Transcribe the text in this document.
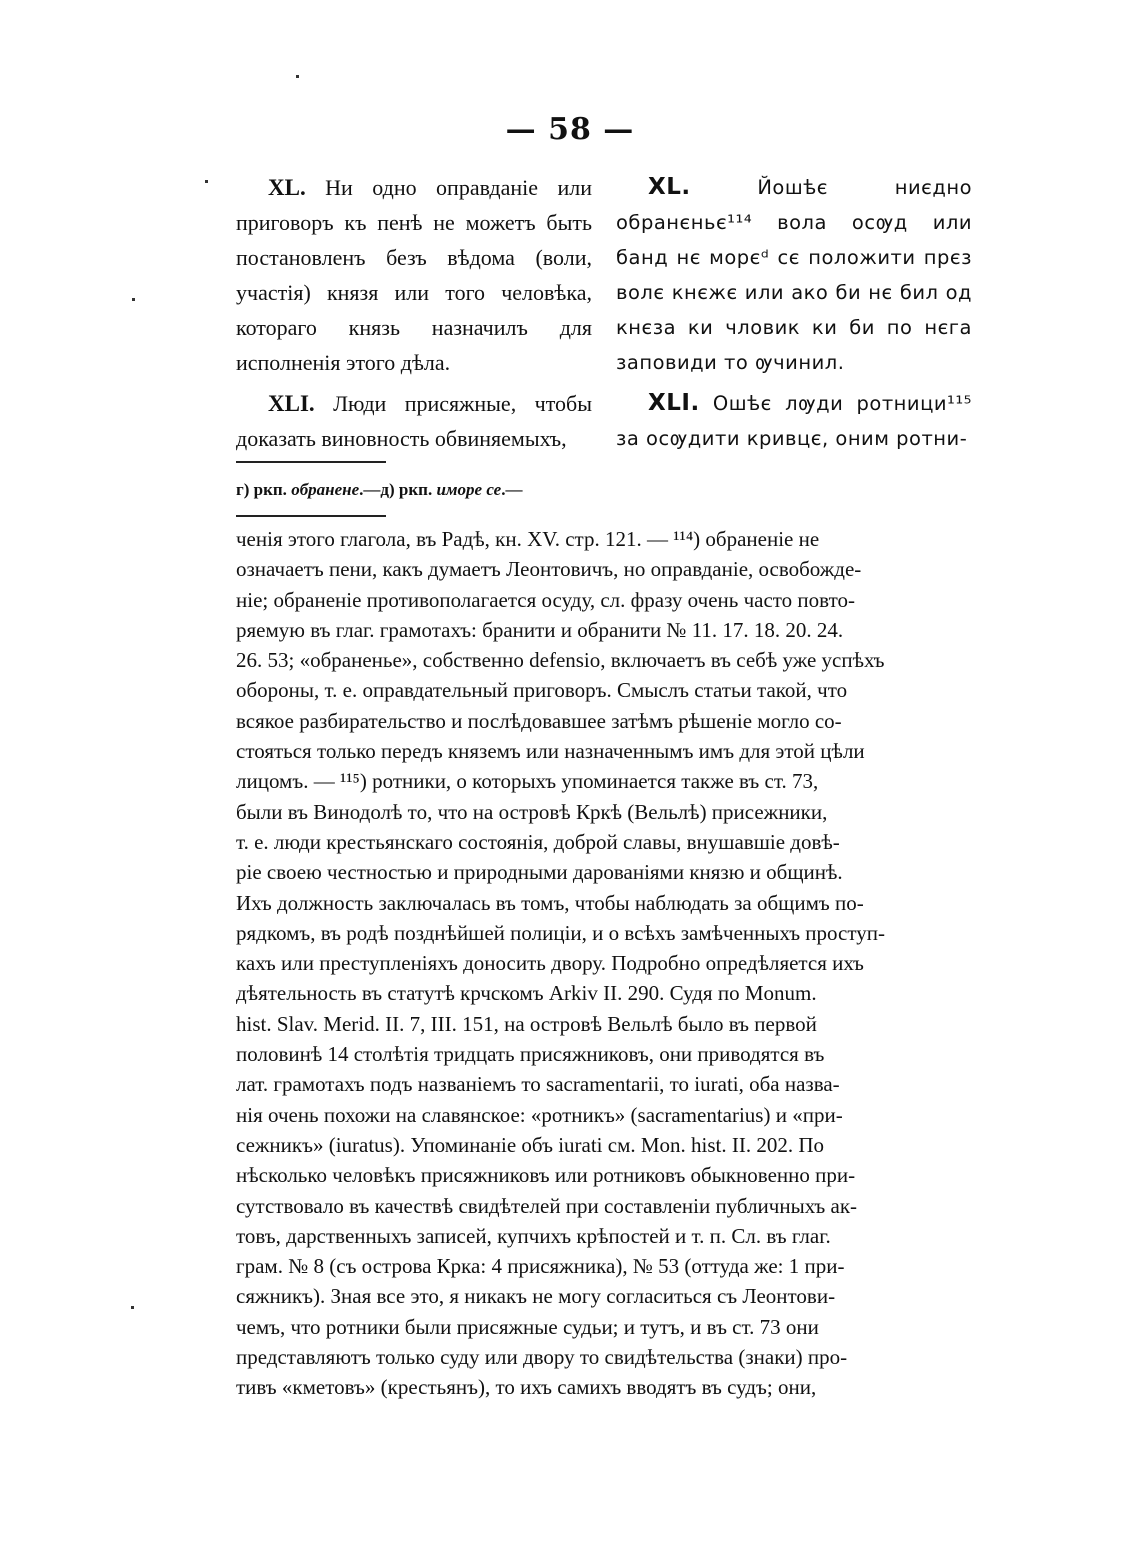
— 58 —

XL. Ни одно оправданіе или приговоръ къ пенѣ не можетъ быть постановленъ безъ вѣдома (воли, участія) князя или того человѣка, котораго князь назначилъ для исполненія этого дѣла.

XLI. Люди присяжные, чтобы доказать виновность обвиняемыхъ,

XL.	Йошѣє ниєдно обранєньє¹¹⁴ вола осѹд или банд нє морєᵈ сє положити прєз волє кнєжє или ако би нє бил од кнєза ки чловик ки би по нєга заповиди то ѹчинил.

XLI. Ошѣє лѹди ротници¹¹⁵ за осѹдити кривцє, оним ротни-

г) ркп. обранене.—д) ркп. иморе се.—

ченія этого глагола, въ Радѣ, кн. XV. стр. 121. — ¹¹⁴) обраненіе не

означаетъ пени, какъ думаетъ Леонтовичъ, но оправданіе, освобожде-

ніе; обраненіе противополагается осуду, сл. фразу очень часто повто-

ряемую въ глаг. грамотахъ: бранити и обранити № 11. 17. 18. 20. 24.

26. 53; «обраненье», собственно defensio, включаетъ въ себѣ уже успѣхъ

обороны, т. е. оправдательный приговоръ. Смыслъ статьи такой, что

всякое разбирательство и послѣдовавшее затѣмъ рѣшеніе могло со-

стояться только передъ княземъ или назначеннымъ имъ для этой цѣли

лицомъ. — ¹¹⁵) ротники, о которыхъ упоминается также въ ст. 73,

были въ Винодолѣ то, что на островѣ Кркѣ (Вельлѣ) присежники,

т. е. люди крестьянскаго состоянія, доброй славы, внушавшіе довѣ-

ріе своею честностью и природными дарованіями князю и общинѣ.

Ихъ должность заключалась въ томъ, чтобы наблюдать за общимъ по-

рядкомъ, въ родѣ позднѣйшей полиціи, и о всѣхъ замѣченныхъ проступ-

кахъ или преступленіяхъ доносить двору. Подробно опредѣляется ихъ

дѣятельность въ статутѣ крчскомъ Arkiv II. 290. Судя по Monum.

hist. Slav. Merid. II. 7, III. 151, на островѣ Вельлѣ было въ первой

половинѣ 14 столѣтія тридцать присяжниковъ, они приводятся въ

лат. грамотахъ подъ названіемъ то sacramentarii, то iurati, оба назва-

нія очень похожи на славянское: «ротникъ» (sacramentarius) и «при-

сежникъ» (iuratus). Упоминаніе объ iurati см. Mon. hist. II. 202. По

нѣсколько человѣкъ присяжниковъ или ротниковъ обыкновенно при-

сутствовало въ качествѣ свидѣтелей при составленіи публичныхъ ак-

товъ, дарственныхъ записей, купчихъ крѣпостей и т. п. Сл. въ глаг.

грам. № 8 (съ острова Крка: 4 присяжника), № 53 (оттуда же: 1 при-

сяжникъ). Зная все это, я никакъ не могу согласиться съ Леонтови-

чемъ, что ротники были присяжные судьи; и тутъ, и въ ст. 73 они

представляютъ только суду или двору то свидѣтельства (знаки) про-

тивъ «кметовъ» (крестьянъ), то ихъ самихъ вводятъ въ судъ; они,
